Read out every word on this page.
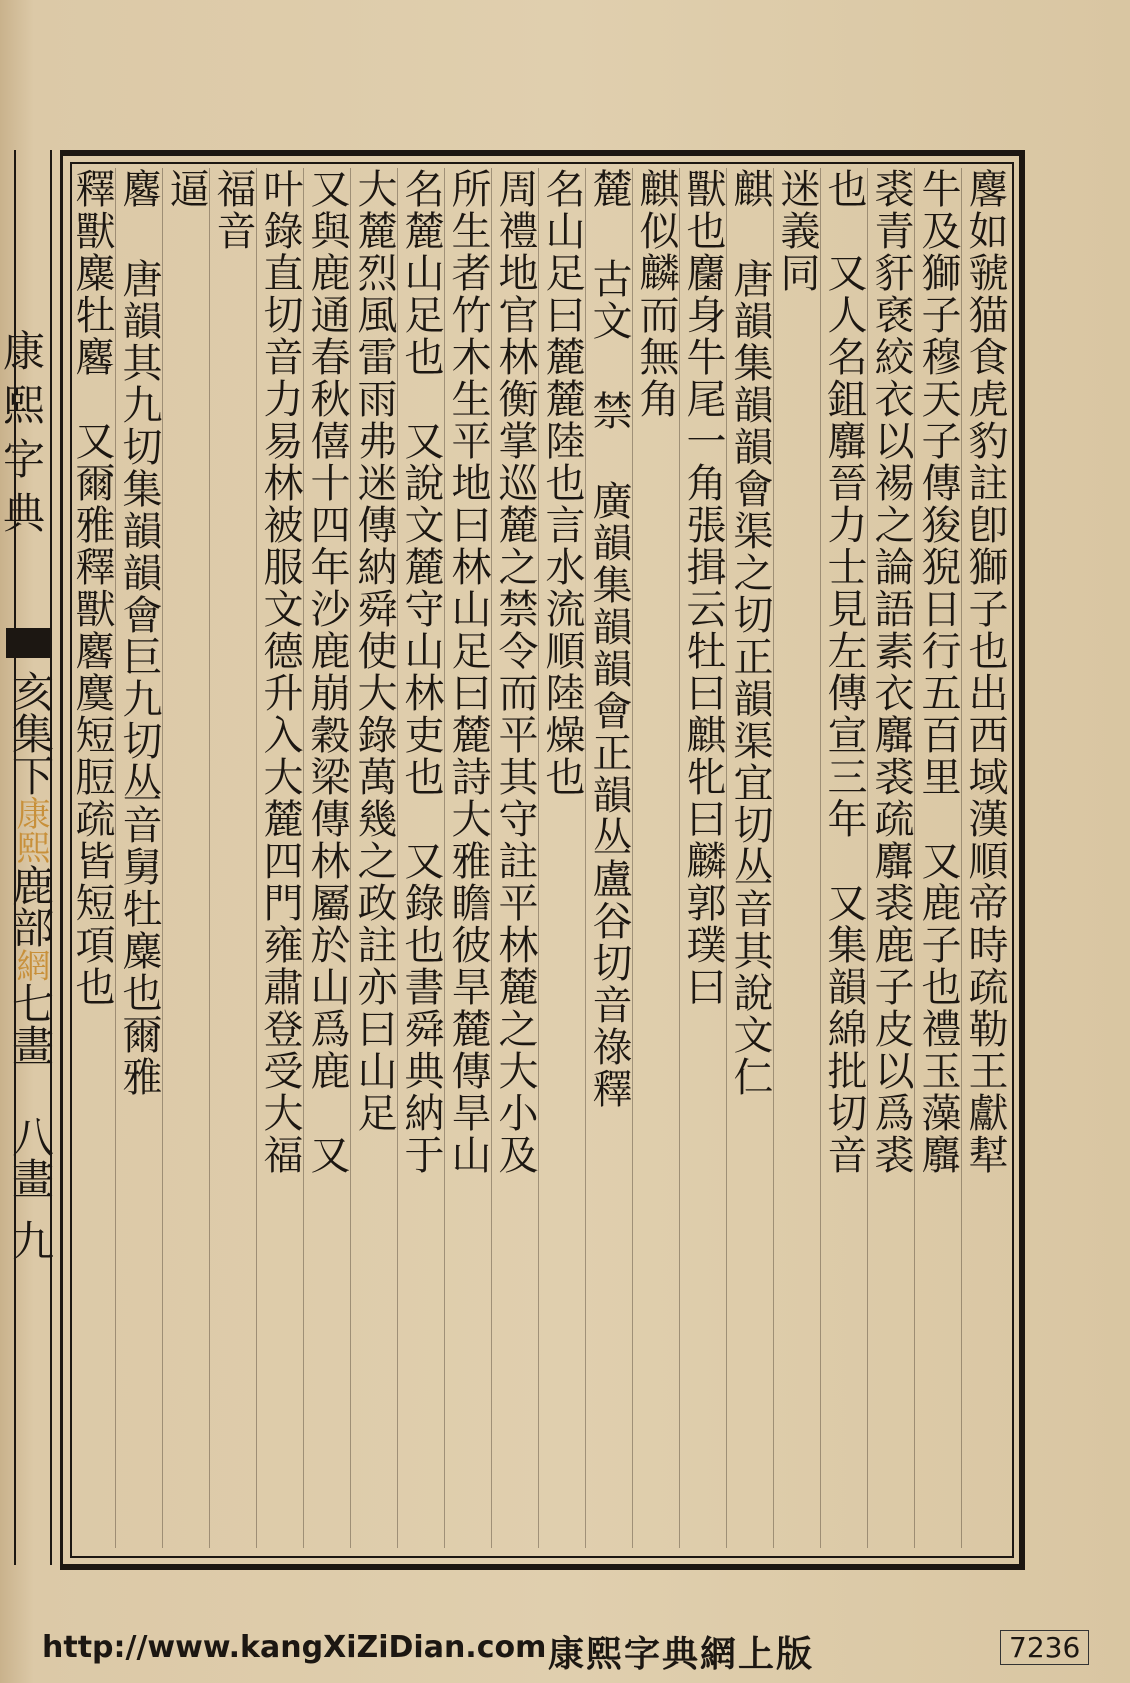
康熙字典
亥集下
康
熙
鹿部
網
七畫 八畫
九
麐如虢猫食虎豹註卽獅子也出西域漢順帝時疏勒王獻犎
牛及獅子穆天子傳狻猊日行五百里　又鹿子也禮玉藻麛
裘青豻褎絞衣以裼之論語素衣麛裘疏麛裘鹿子皮以爲裘
也　又人名鉏麛晉力士見左傳宣三年　又集韻綿批切音
迷義同
麒 唐韻集韻韻會渠之切正韻渠宜切丛音其說文仁
獸也麕身牛尾一角張揖云牡曰麒牝曰麟郭璞曰
麒似麟而無角
麓 古文 禁 廣韻集韻韻會正韻丛盧谷切音祿釋
名山足曰麓麓陸也言水流順陸燥也
周禮地官林衡掌巡麓之禁令而平其守註平林麓之大小及
所生者竹木生平地曰林山足曰麓詩大雅瞻彼旱麓傳旱山
名麓山足也　又說文麓守山林吏也　又錄也書舜典納于
大麓烈風雷雨弗迷傳納舜使大錄萬幾之政註亦曰山足
又與鹿通春秋僖十四年沙鹿崩穀梁傳林屬於山爲鹿　又
叶錄直切音力易林被服文德升入大麓四門雍肅登受大福
福音
逼
麔 唐韻其九切集韻韻會巨九切丛音舅牡麋也爾雅
釋獸麋牡麔　又爾雅釋獸麔麌短脰疏皆短項也
http://www.kangXiZiDian.com 康熙字典網上版	7236
